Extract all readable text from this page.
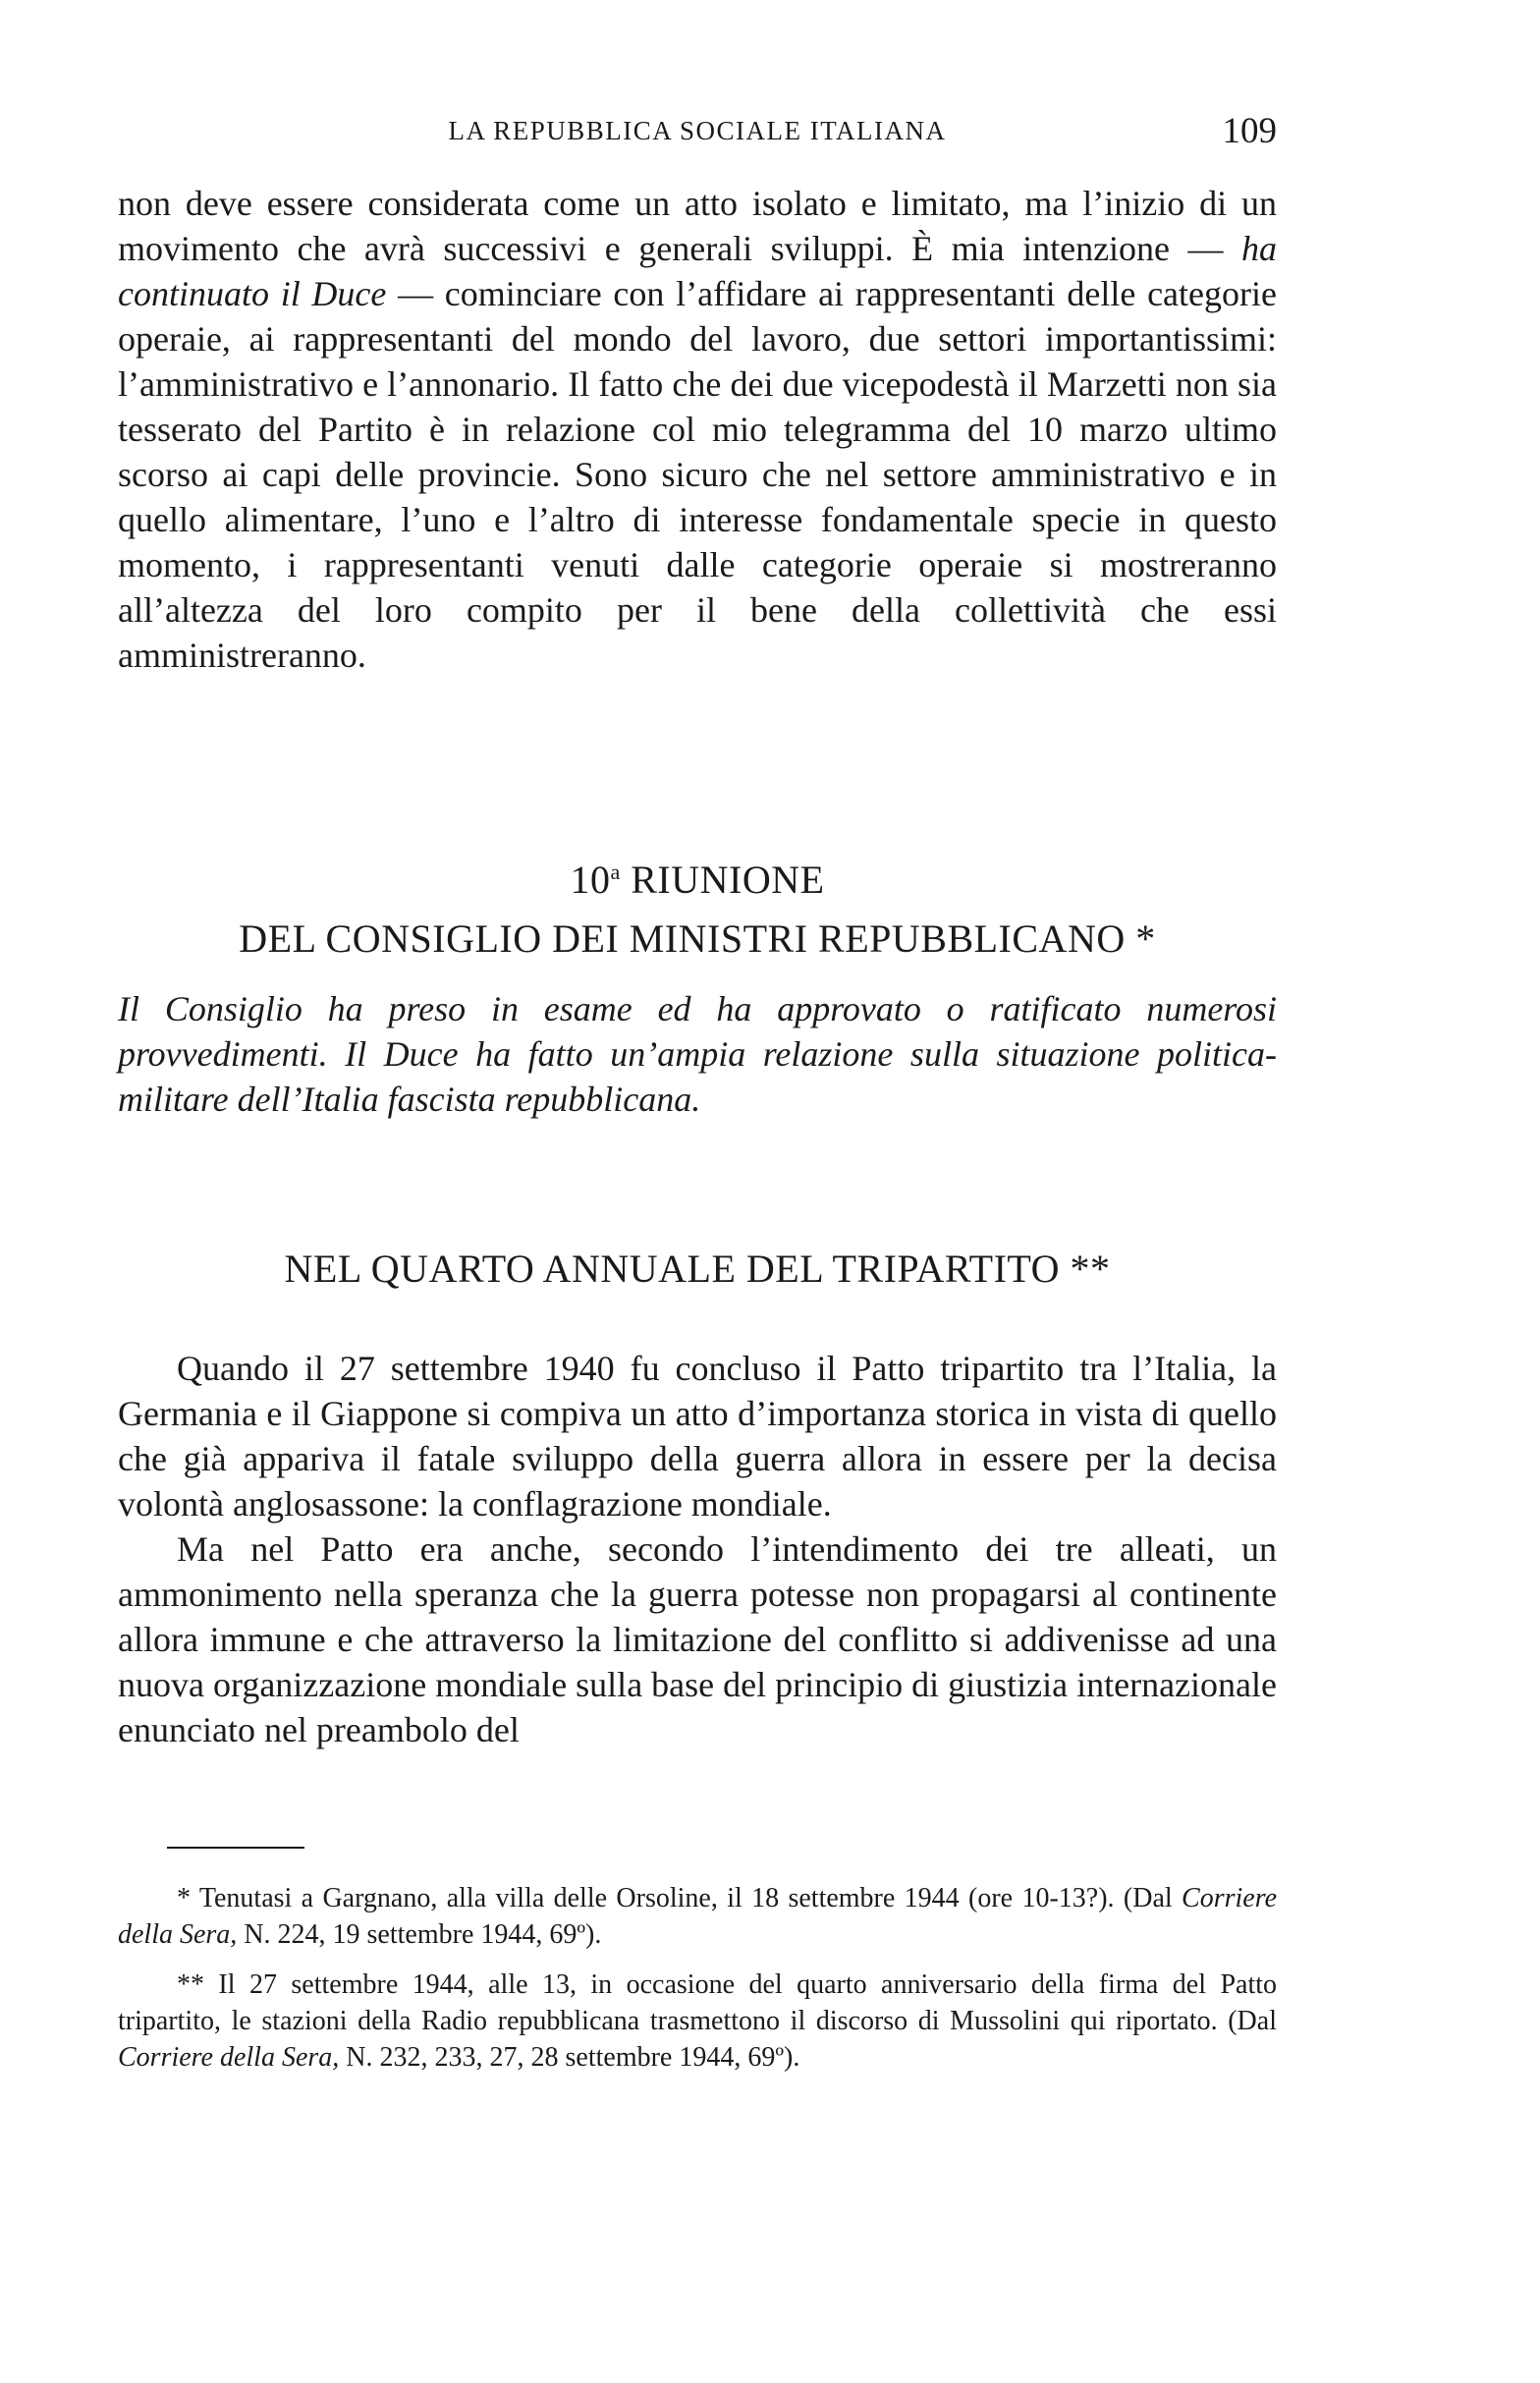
LA REPUBBLICA SOCIALE ITALIANA	109

non deve essere considerata come un atto isolato e limitato, ma l’inizio di un movimento che avrà successivi e generali sviluppi. È mia intenzione — ha continuato il Duce — cominciare con l’affidare ai rappresentanti delle categorie operaie, ai rappresentanti del mondo del lavoro, due settori importantissimi: l’amministrativo e l’annonario. Il fatto che dei due vicepodestà il Marzetti non sia tesserato del Partito è in relazione col mio telegramma del 10 marzo ultimo scorso ai capi delle provincie. Sono sicuro che nel settore amministrativo e in quello alimentare, l’uno e l’altro di interesse fondamentale specie in questo momento, i rappresentanti venuti dalle categorie operaie si mostreranno all’altezza del loro compito per il bene della collettività che essi amministreranno.

10$^a$ RIUNIONE
DEL CONSIGLIO DEI MINISTRI REPUBBLICANO *
Il Consiglio ha preso in esame ed ha approvato o ratificato numerosi provvedimenti. Il Duce ha fatto un’ampia relazione sulla situazione politica-militare dell’Italia fascista repubblicana.
NEL QUARTO ANNUALE DEL TRIPARTITO **

Quando il 27 settembre 1940 fu concluso il Patto tripartito tra l’Italia, la Germania e il Giappone si compiva un atto d’importanza storica in vista di quello che già appariva il fatale sviluppo della guerra allora in essere per la decisa volontà anglosassone: la conflagrazione mondiale.

Ma nel Patto era anche, secondo l’intendimento dei tre alleati, un ammonimento nella speranza che la guerra potesse non propagarsi al continente allora immune e che attraverso la limitazione del conflitto si addivenisse ad una nuova organizzazione mondiale sulla base del principio di giustizia internazionale enunciato nel preambolo del

* Tenutasi a Gargnano, alla villa delle Orsoline, il 18 settembre 1944 (ore 10-13?). (Dal Corriere della Sera, N. 224, 19 settembre 1944, 69º).

** Il 27 settembre 1944, alle 13, in occasione del quarto anniversario della firma del Patto tripartito, le stazioni della Radio repubblicana trasmettono il discorso di Mussolini qui riportato. (Dal Corriere della Sera, N. 232, 233, 27, 28 settembre 1944, 69º).
